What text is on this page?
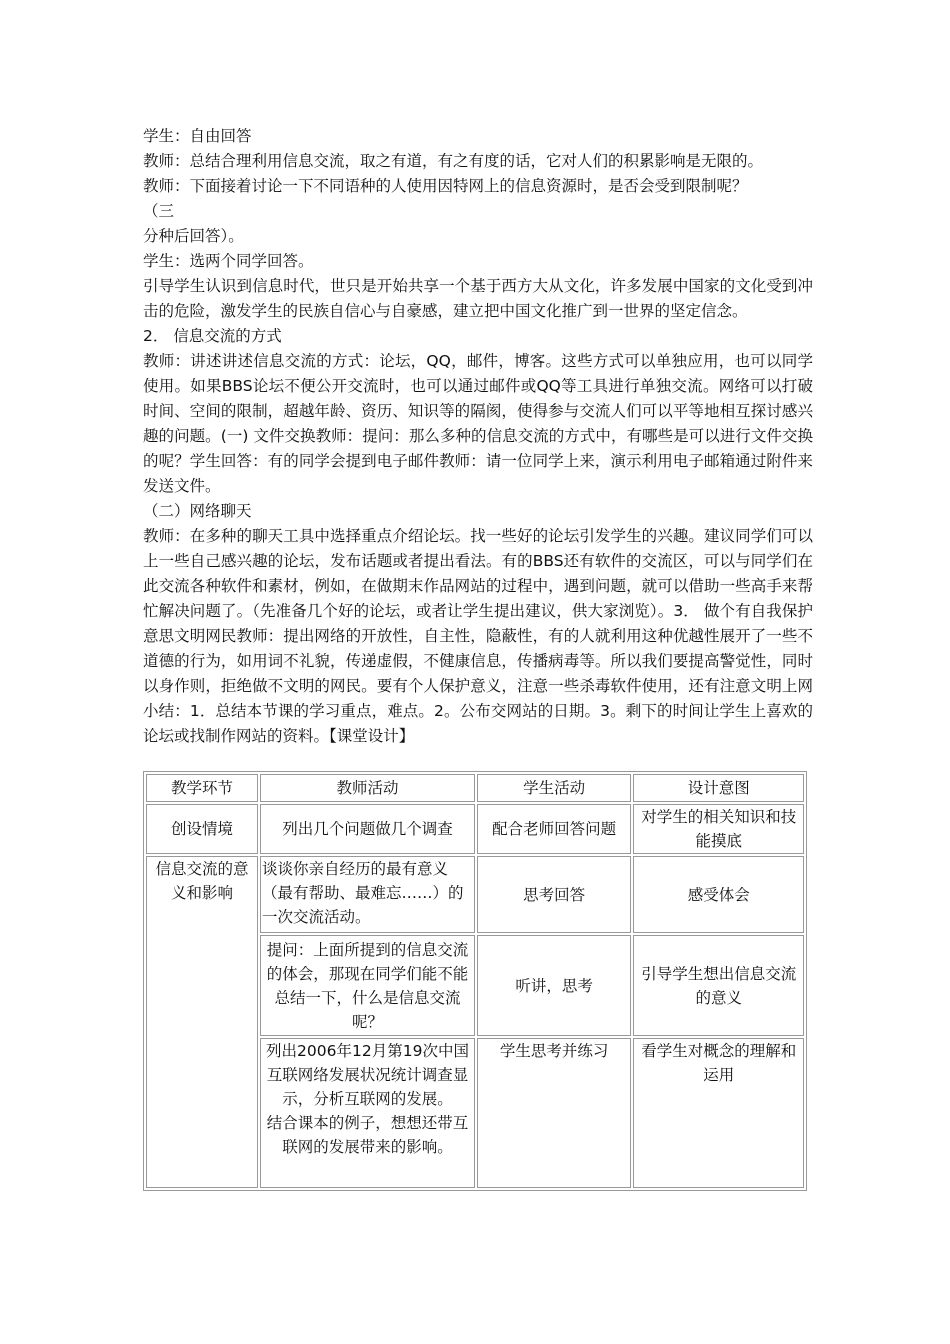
学生：自由回答

教师：总结合理利用信息交流，取之有道，有之有度的话，它对人们的积累影响是无限的。

教师：下面接着讨论一下不同语种的人使用因特网上的信息资源时，是否会受到限制呢？

（三

分种后回答）。

学生：选两个同学回答。

引导学生认识到信息时代，世只是开始共享一个基于西方大从文化，许多发展中国家的文化受到冲击的危险，激发学生的民族自信心与自豪感，建立把中国文化推广到一世界的坚定信念。

2． 信息交流的方式

教师：讲述讲述信息交流的方式：论坛，QQ，邮件，博客。这些方式可以单独应用，也可以同学使用。如果BBS论坛不便公开交流时，也可以通过邮件或QQ等工具进行单独交流。网络可以打破时间、空间的限制，超越年龄、资历、知识等的隔阂，使得参与交流人们可以平等地相互探讨感兴趣的问题。(一) 文件交换教师：提问：那么多种的信息交流的方式中，有哪些是可以进行文件交换的呢？学生回答：有的同学会提到电子邮件教师：请一位同学上来，演示利用电子邮箱通过附件来发送文件。

（二）网络聊天

教师：在多种的聊天工具中选择重点介绍论坛。找一些好的论坛引发学生的兴趣。建议同学们可以上一些自己感兴趣的论坛，发布话题或者提出看法。有的BBS还有软件的交流区，可以与同学们在此交流各种软件和素材，例如，在做期末作品网站的过程中，遇到问题，就可以借助一些高手来帮忙解决问题了。（先准备几个好的论坛，或者让学生提出建议，供大家浏览）。3． 做个有自我保护意思文明网民教师：提出网络的开放性，自主性，隐蔽性，有的人就利用这种优越性展开了一些不道德的行为，如用词不礼貌，传递虚假，不健康信息，传播病毒等。所以我们要提高警觉性，同时以身作则，拒绝做不文明的网民。要有个人保护意义，注意一些杀毒软件使用，还有注意文明上网小结：1．总结本节课的学习重点，难点。2。公布交网站的日期。3。剩下的时间让学生上喜欢的论坛或找制作网站的资料。【课堂设计】

教学环节	教师活动	学生活动	设计意图
创设情境	列出几个问题做几个调查	配合老师回答问题	对学生的相关知识和技能摸底
信息交流的意义和影响	谈谈你亲自经历的最有意义（最有帮助、最难忘……）的一次交流活动。	思考回答	感受体会
	提问：上面所提到的信息交流的体会，那现在同学们能不能总结一下，什么是信息交流呢？	听讲，思考	引导学生想出信息交流的意义

	列出2006年12月第19次中国互联网络发展状况统计调查显示，分析互联网的发展。
结合课本的例子，想想还带互联网的发展带来的影响。	学生思考并练习	看学生对概念的理解和运用
